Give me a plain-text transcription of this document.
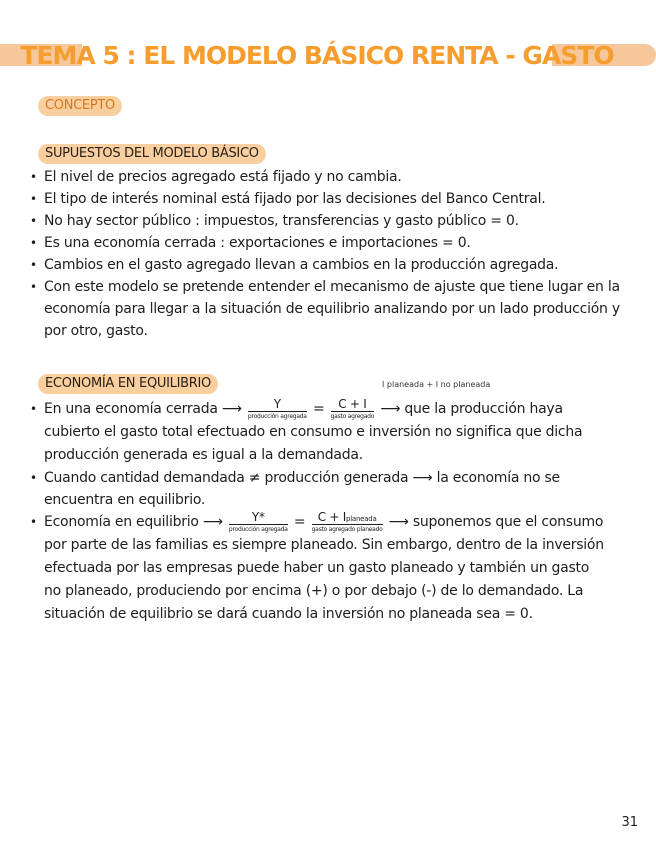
TEMA 5 : EL MODELO BÁSICO RENTA - GASTO
CONCEPTO
SUPUESTOS DEL MODELO BÁSICO
• El nivel de precios agregado está fijado y no cambia.
• El tipo de interés nominal está fijado por las decisiones del Banco Central.
• No hay sector público : impuestos, transferencias y gasto público = 0.
• Es una economía cerrada : exportaciones e importaciones = 0.
• Cambios en el gasto agregado llevan a cambios en la producción agregada.
• Con este modelo se pretende entender el mecanismo de ajuste que tiene lugar en la economía para llegar a la situación de equilibrio analizando por un lado producción y por otro, gasto.
ECONOMÍA EN EQUILIBRIO	I planeada + I no planeada
• En una economía cerrada ⟶ $\frac{Y}{\text{producción agregada}} = \frac{C + I}{\text{gasto agregado}}$ ⟶ que la producción haya cubierto el gasto total efectuado en consumo e inversión no significa que dicha producción generada es igual a la demandada.
• Cuando cantidad demandada ≠ producción generada ⟶ la economía no se encuentra en equilibrio.
• Economía en equilibrio ⟶ $\frac{Y*}{\text{producción agregada}} = \frac{\text{C + Iplaneada}}{\text{gasto agregado planeado}}$ ⟶ suponemos que el consumo por parte de las familias es siempre planeado. Sin embargo, dentro de la inversión efectuada por las empresas puede haber un gasto planeado y también un gasto no planeado, produciendo por encima (+) o por debajo (-) de lo demandado. La situación de equilibrio se dará cuando la inversión no planeada sea = 0.
31
